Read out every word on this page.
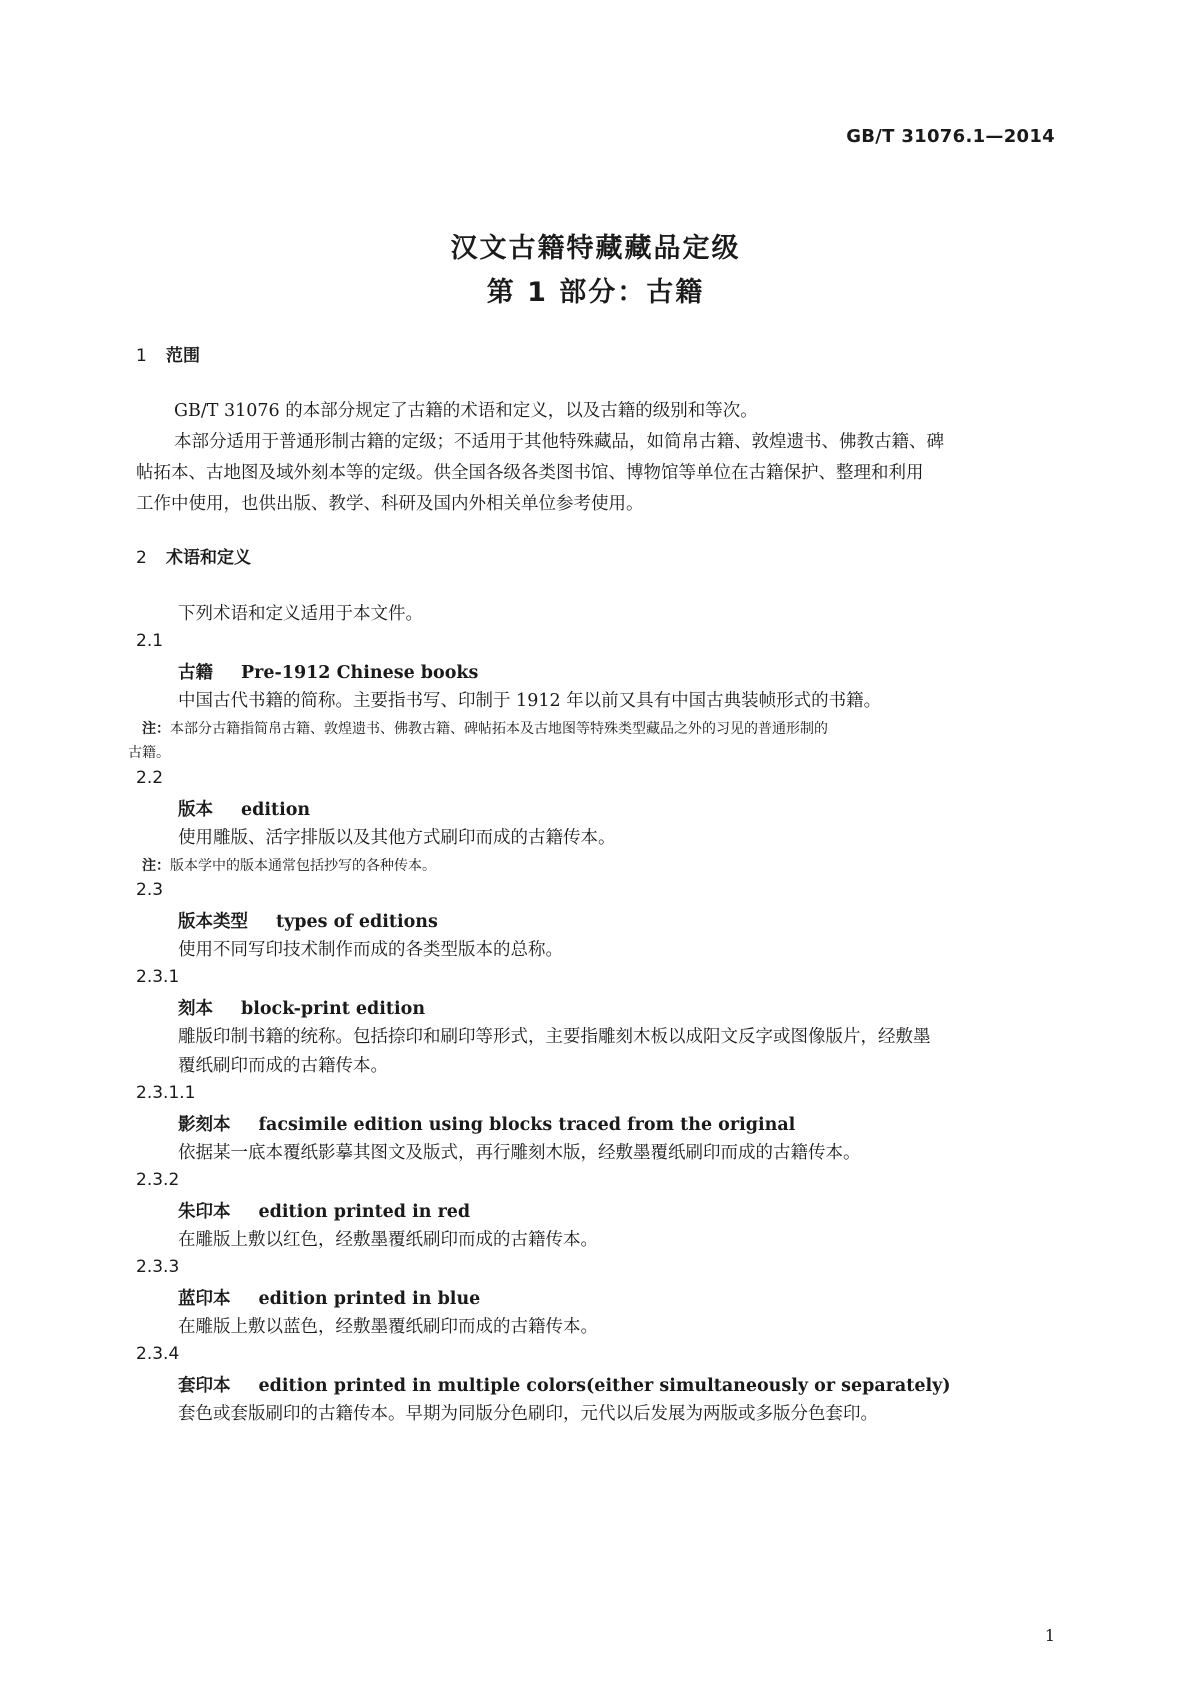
GB/T 31076.1—2014
汉文古籍特藏藏品定级
第 1 部分：古籍
1 范围
GB/T 31076 的本部分规定了古籍的术语和定义，以及古籍的级别和等次。
本部分适用于普通形制古籍的定级；不适用于其他特殊藏品，如简帛古籍、敦煌遗书、佛教古籍、碑
帖拓本、古地图及域外刻本等的定级。供全国各级各类图书馆、博物馆等单位在古籍保护、整理和利用
工作中使用，也供出版、教学、科研及国内外相关单位参考使用。
2 术语和定义
下列术语和定义适用于本文件。
2.1
古籍 Pre-1912 Chinese books
中国古代书籍的简称。主要指书写、印制于 1912 年以前又具有中国古典装帧形式的书籍。
注：本部分古籍指简帛古籍、敦煌遗书、佛教古籍、碑帖拓本及古地图等特殊类型藏品之外的习见的普通形制的
古籍。
2.2
版本 edition
使用雕版、活字排版以及其他方式刷印而成的古籍传本。
注：版本学中的版本通常包括抄写的各种传本。
2.3
版本类型 types of editions
使用不同写印技术制作而成的各类型版本的总称。
2.3.1
刻本 block-print edition
雕版印制书籍的统称。包括捺印和刷印等形式，主要指雕刻木板以成阳文反字或图像版片，经敷墨
覆纸刷印而成的古籍传本。
2.3.1.1
影刻本 facsimile edition using blocks traced from the original
依据某一底本覆纸影摹其图文及版式，再行雕刻木版，经敷墨覆纸刷印而成的古籍传本。
2.3.2
朱印本 edition printed in red
在雕版上敷以红色，经敷墨覆纸刷印而成的古籍传本。
2.3.3
蓝印本 edition printed in blue
在雕版上敷以蓝色，经敷墨覆纸刷印而成的古籍传本。
2.3.4
套印本 edition printed in multiple colors(either simultaneously or separately)
套色或套版刷印的古籍传本。早期为同版分色刷印，元代以后发展为两版或多版分色套印。
1
